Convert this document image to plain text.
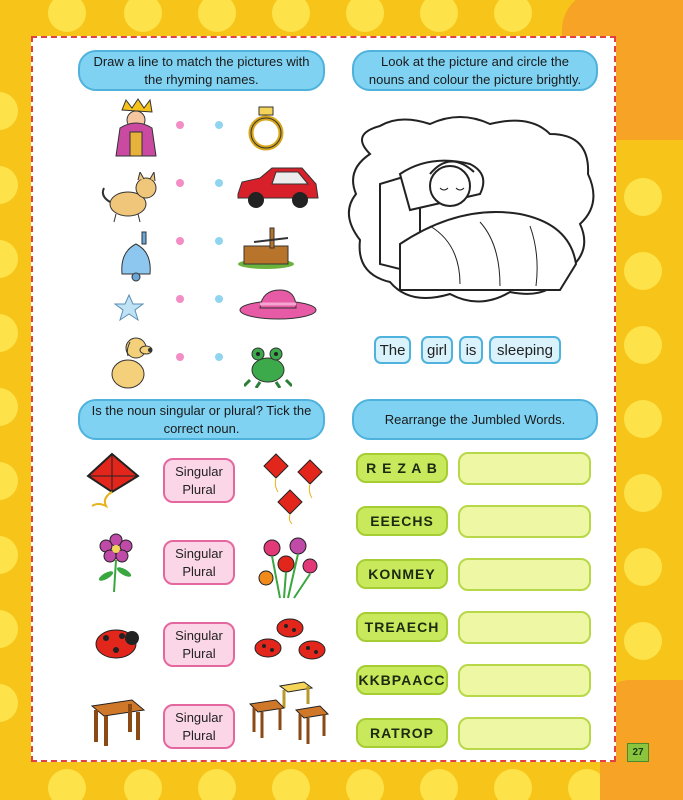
Draw a line to match the pictures with the rhyming names.
Look at the picture and circle the nouns and colour the picture brightly.
The	girl	is	sleeping
Is the noun singular or plural? Tick the correct noun.
Singular
Plural
Singular
Plural
Singular
Plural
Singular
Plural
Rearrange the Jumbled Words.
R E Z A B
EEECHS
KONMEY
TREAECH
KKBPAACC
RATROP
27
